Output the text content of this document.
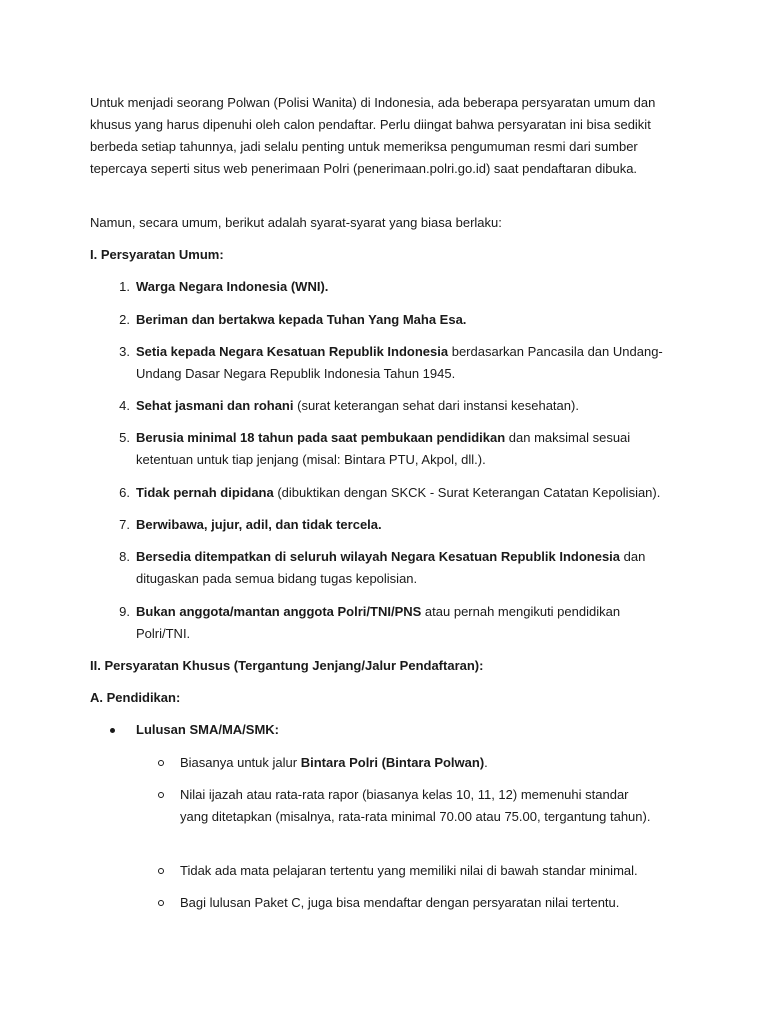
Untuk menjadi seorang Polwan (Polisi Wanita) di Indonesia, ada beberapa persyaratan umum dan khusus yang harus dipenuhi oleh calon pendaftar. Perlu diingat bahwa persyaratan ini bisa sedikit berbeda setiap tahunnya, jadi selalu penting untuk memeriksa pengumuman resmi dari sumber tepercaya seperti situs web penerimaan Polri (penerimaan.polri.go.id) saat pendaftaran dibuka.

Namun, secara umum, berikut adalah syarat-syarat yang biasa berlaku:

I. Persyaratan Umum:

1. Warga Negara Indonesia (WNI).
2. Beriman dan bertakwa kepada Tuhan Yang Maha Esa.
3. Setia kepada Negara Kesatuan Republik Indonesia berdasarkan Pancasila dan Undang-Undang Dasar Negara Republik Indonesia Tahun 1945.
4. Sehat jasmani dan rohani (surat keterangan sehat dari instansi kesehatan).
5. Berusia minimal 18 tahun pada saat pembukaan pendidikan dan maksimal sesuai ketentuan untuk tiap jenjang (misal: Bintara PTU, Akpol, dll.).
6. Tidak pernah dipidana (dibuktikan dengan SKCK - Surat Keterangan Catatan Kepolisian).
7. Berwibawa, jujur, adil, dan tidak tercela.
8. Bersedia ditempatkan di seluruh wilayah Negara Kesatuan Republik Indonesia dan ditugaskan pada semua bidang tugas kepolisian.
9. Bukan anggota/mantan anggota Polri/TNI/PNS atau pernah mengikuti pendidikan Polri/TNI.

II. Persyaratan Khusus (Tergantung Jenjang/Jalur Pendaftaran):

A. Pendidikan:

Lulusan SMA/MA/SMK:
Biasanya untuk jalur Bintara Polri (Bintara Polwan).
Nilai ijazah atau rata-rata rapor (biasanya kelas 10, 11, 12) memenuhi standar yang ditetapkan (misalnya, rata-rata minimal 70.00 atau 75.00, tergantung tahun).
Tidak ada mata pelajaran tertentu yang memiliki nilai di bawah standar minimal.
Bagi lulusan Paket C, juga bisa mendaftar dengan persyaratan nilai tertentu.
